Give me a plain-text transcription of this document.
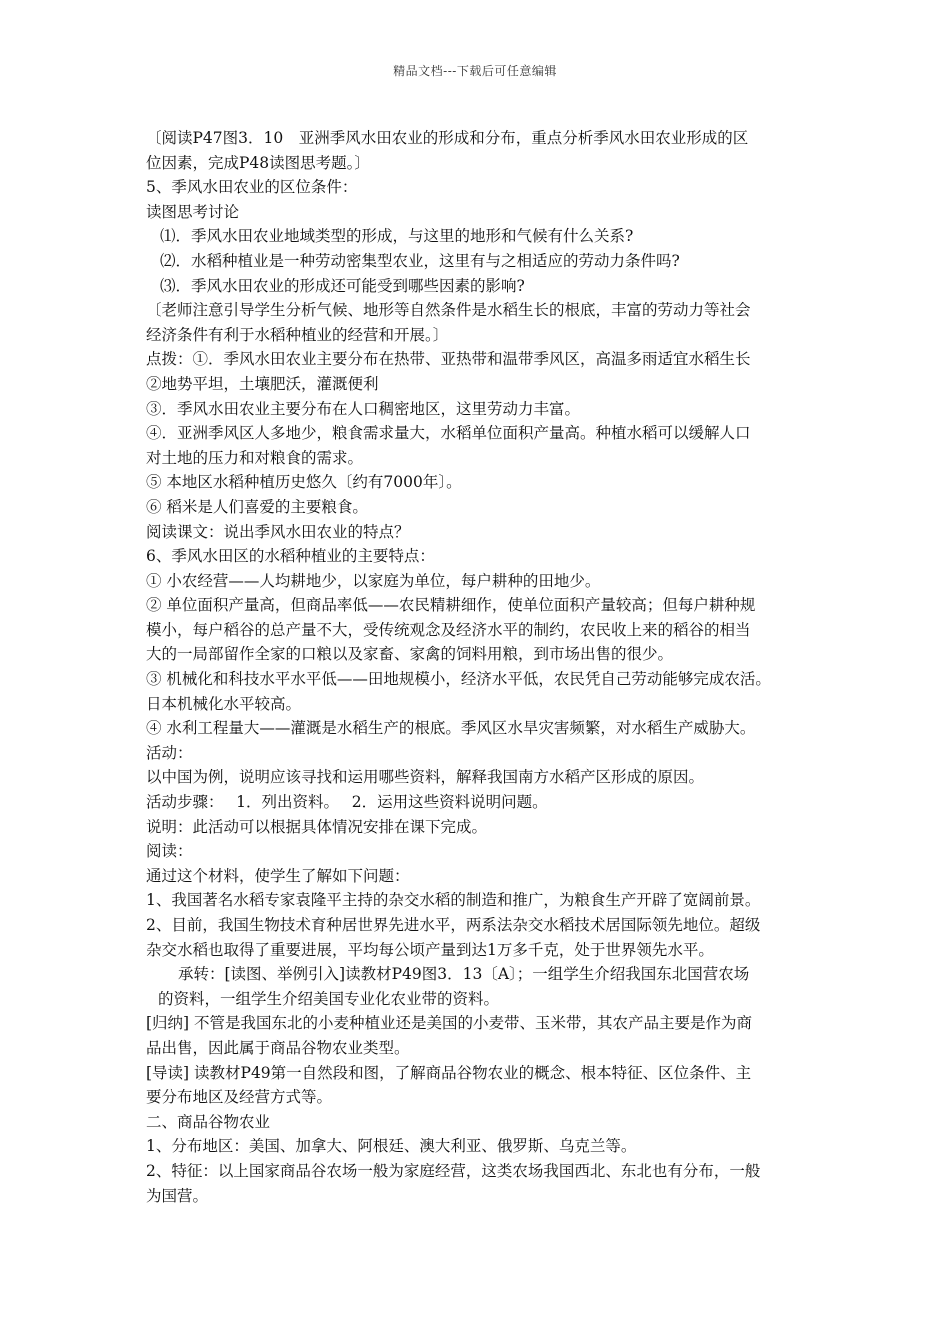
精品文档---下载后可任意编辑
〔阅读P47图3．10　亚洲季风水田农业的形成和分布，重点分析季风水田农业形成的区
位因素，完成P48读图思考题。〕
5、季风水田农业的区位条件：
读图思考讨论
⑴．季风水田农业地域类型的形成，与这里的地形和气候有什么关系?
⑵．水稻种植业是一种劳动密集型农业，这里有与之相适应的劳动力条件吗?
⑶．季风水田农业的形成还可能受到哪些因素的影响?
〔老师注意引导学生分析气候、地形等自然条件是水稻生长的根底，丰富的劳动力等社会
经济条件有利于水稻种植业的经营和开展。〕
点拨：①．季风水田农业主要分布在热带、亚热带和温带季风区，高温多雨适宜水稻生长
②地势平坦，土壤肥沃，灌溉便利
③．季风水田农业主要分布在人口稠密地区，这里劳动力丰富。
④．亚洲季风区人多地少，粮食需求量大，水稻单位面积产量高。种植水稻可以缓解人口
对土地的压力和对粮食的需求。
⑤ 本地区水稻种植历史悠久〔约有7000年〕。
⑥ 稻米是人们喜爱的主要粮食。
阅读课文：说出季风水田农业的特点？
6、季风水田区的水稻种植业的主要特点：
① 小农经营——人均耕地少，以家庭为单位，每户耕种的田地少。
② 单位面积产量高，但商品率低——农民精耕细作，使单位面积产量较高；但每户耕种规
模小，每户稻谷的总产量不大，受传统观念及经济水平的制约，农民收上来的稻谷的相当
大的一局部留作全家的口粮以及家畜、家禽的饲料用粮，到市场出售的很少。
③ 机械化和科技水平水平低——田地规模小，经济水平低，农民凭自己劳动能够完成农活。
日本机械化水平较高。
④ 水利工程量大——灌溉是水稻生产的根底。季风区水旱灾害频繁，对水稻生产威胁大。
活动：
以中国为例，说明应该寻找和运用哪些资料，解释我国南方水稻产区形成的原因。
活动步骤：　 1．列出资料。　 2．运用这些资料说明问题。
说明：此活动可以根据具体情况安排在课下完成。
阅读：
通过这个材料，使学生了解如下问题：
1、我国著名水稻专家袁隆平主持的杂交水稻的制造和推广，为粮食生产开辟了宽阔前景。
2、目前，我国生物技术育种居世界先进水平，两系法杂交水稻技术居国际领先地位。超级
杂交水稻也取得了重要进展，平均每公顷产量到达1万多千克，处于世界领先水平。
承转：[读图、举例引入]读教材P49图3．13〔A〕；一组学生介绍我国东北国营农场
的资料，一组学生介绍美国专业化农业带的资料。
[归纳] 不管是我国东北的小麦种植业还是美国的小麦带、玉米带，其农产品主要是作为商
品出售，因此属于商品谷物农业类型。
[导读] 读教材P49第一自然段和图，了解商品谷物农业的概念、根本特征、区位条件、主
要分布地区及经营方式等。
二、商品谷物农业
1、分布地区：美国、加拿大、阿根廷、澳大利亚、俄罗斯、乌克兰等。
2、特征：以上国家商品谷农场一般为家庭经营，这类农场我国西北、东北也有分布，一般
为国营。
